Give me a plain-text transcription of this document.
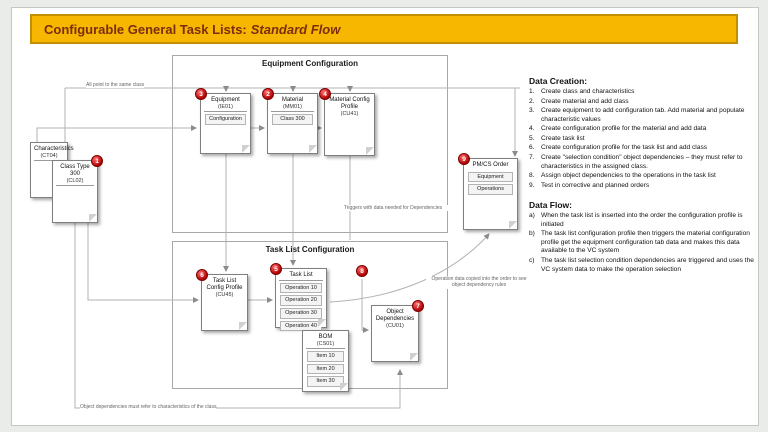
Configurable General Task Lists: Standard Flow
Equipment Configuration
Task List Configuration
Characteristics
(CT04)
1
Class Type 300
(CL02)
3
Equipment
(IE01)
Configuration
2
Material
(MM01)
Class 300
4
Material Config Profile
(CU41)
9
PM/CS Order
Equipment
Operations
6
Task List Config Profile
(CU45)
5
Task List
Operation 10
Operation 20
Operation 30
Operation 40
BOM
(CS01)
Item 10
Item 20
Item 30
7
Object Dependencies
(CU01)
8
All point to the same class
Triggers with data needed for Dependencies
Operation data copied into the order to see object dependency rules
Object dependencies must refer to characteristics of the class
Data Creation:
1. Create class and characteristics
2. Create material and add class
3. Create equipment to add configuration tab. Add material and populate characteristic values
4. Create configuration profile for the material and add data
5. Create task list
6. Create configuration profile for the task list and add class
7. Create "selection condition" object dependencies – they must refer to characteristics in the assigned class.
8. Assign object dependencies to the operations in the task list
9. Test in corrective and planned orders
Data Flow:
a) When the task list is inserted into the order the configuration profile is initiated
b) The task list configuration profile then triggers the material configuration profile get the equipment configuration tab data and makes this data available to the VC system
c) The task list selection condition dependencies are triggered and uses the VC system data to make the operation selection
